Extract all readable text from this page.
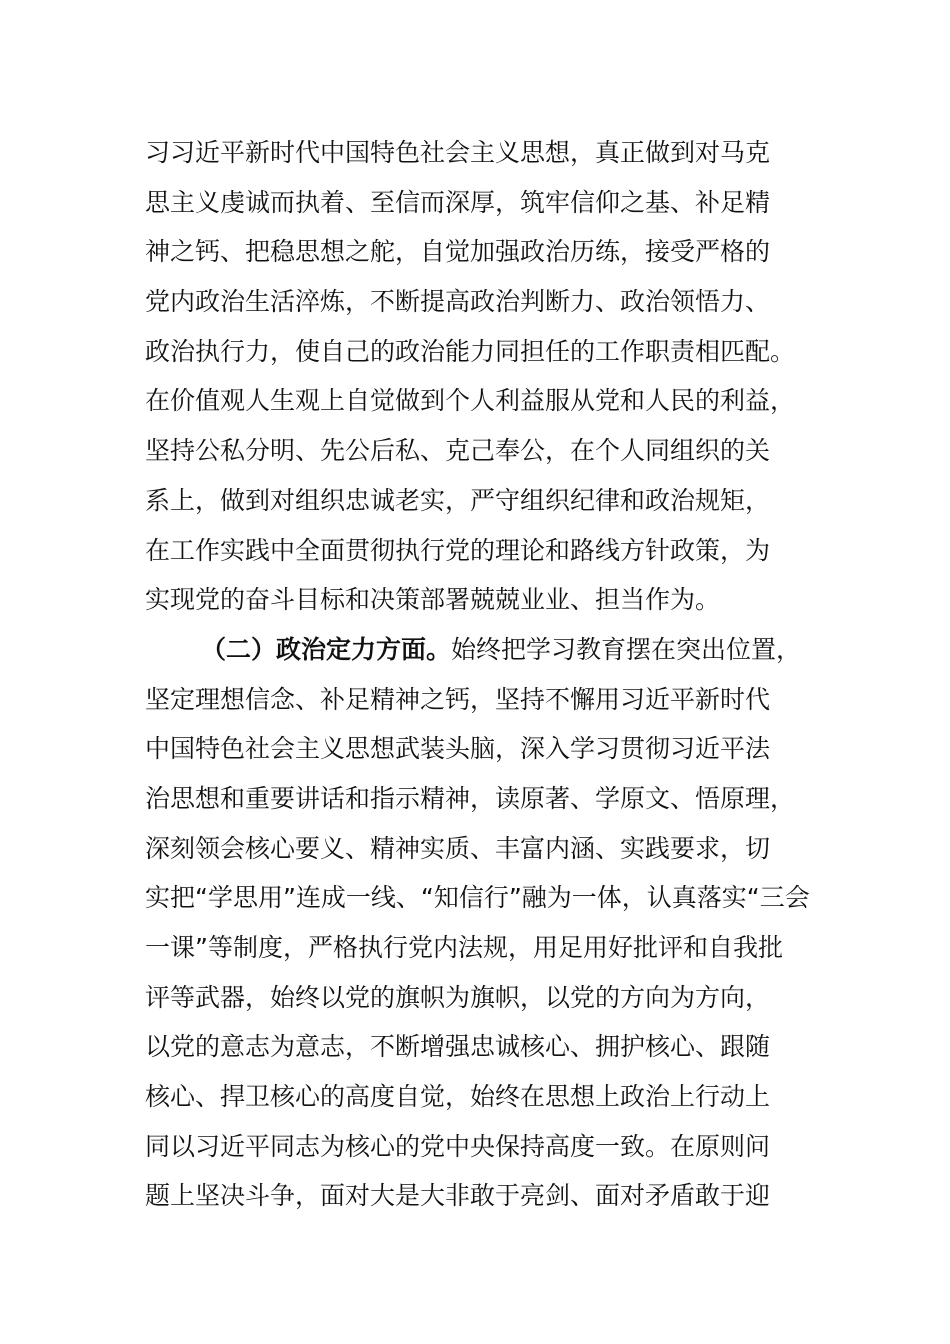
习习近平新时代中国特色社会主义思想，真正做到对马克
思主义虔诚而执着、至信而深厚，筑牢信仰之基、补足精
神之钙、把稳思想之舵，自觉加强政治历练，接受严格的
党内政治生活淬炼，不断提高政治判断力、政治领悟力、
政治执行力，使自己的政治能力同担任的工作职责相匹配。
在价值观人生观上自觉做到个人利益服从党和人民的利益，
坚持公私分明、先公后私、克己奉公，在个人同组织的关
系上，做到对组织忠诚老实，严守组织纪律和政治规矩，
在工作实践中全面贯彻执行党的理论和路线方针政策，为
实现党的奋斗目标和决策部署兢兢业业、担当作为。
（二）政治定力方面。始终把学习教育摆在突出位置，
坚定理想信念、补足精神之钙，坚持不懈用习近平新时代
中国特色社会主义思想武装头脑，深入学习贯彻习近平法
治思想和重要讲话和指示精神，读原著、学原文、悟原理，
深刻领会核心要义、精神实质、丰富内涵、实践要求，切
实把“学思用”连成一线、“知信行”融为一体，认真落实“三会
一课”等制度，严格执行党内法规，用足用好批评和自我批
评等武器，始终以党的旗帜为旗帜，以党的方向为方向，
以党的意志为意志，不断增强忠诚核心、拥护核心、跟随
核心、捍卫核心的高度自觉，始终在思想上政治上行动上
同以习近平同志为核心的党中央保持高度一致。在原则问
题上坚决斗争，面对大是大非敢于亮剑、面对矛盾敢于迎
